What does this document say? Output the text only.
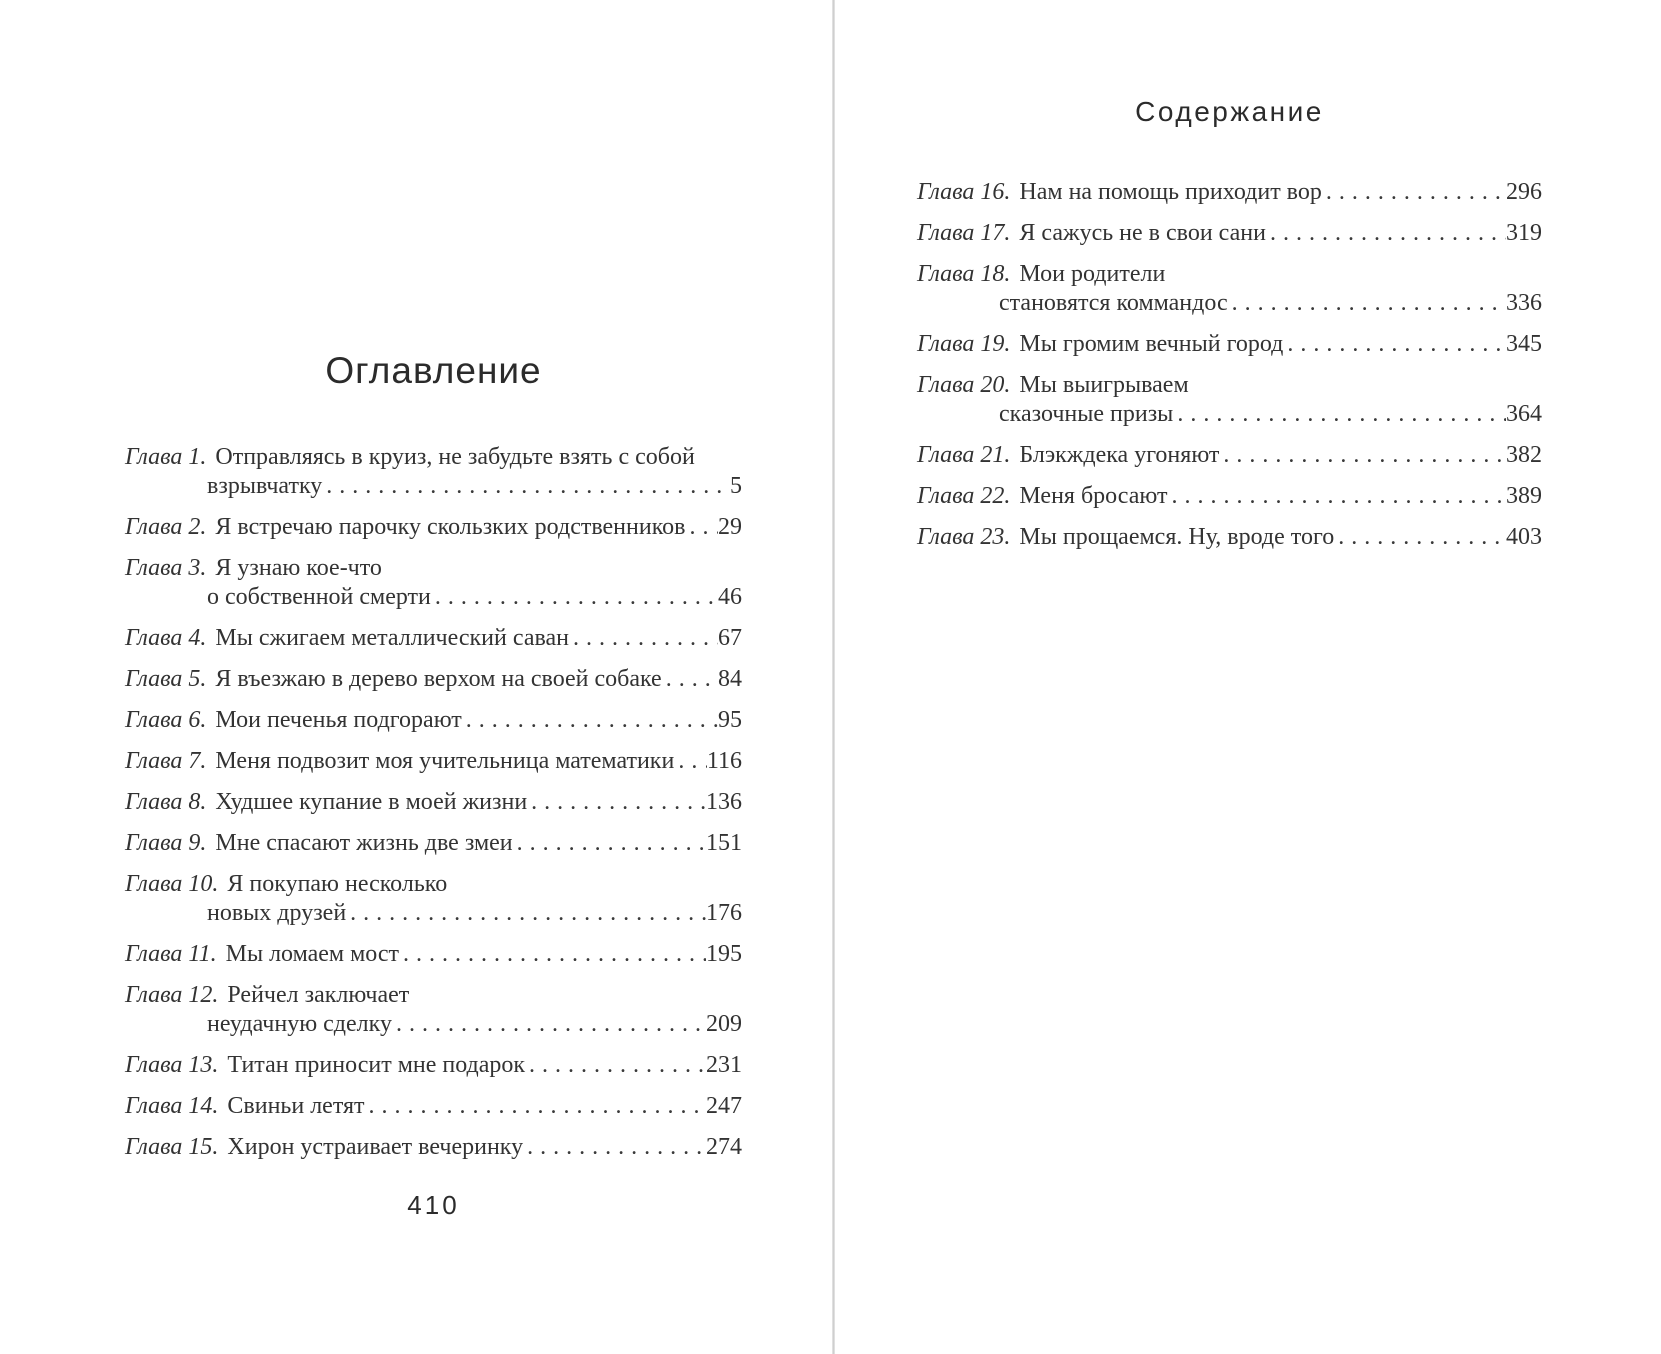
Оглавление
Глава 1. Отправляясь в круиз, не забудьте взять с собой
взрывчатку .....	5
Глава 2. Я встречаю парочку скользких родственников ..... 29
Глава 3. Я узнаю кое-что
о собственной смерти .....	46
Глава 4. Мы сжигаем металлический саван .....	67
Глава 5. Я въезжаю в дерево верхом на своей собаке ..... 84
Глава 6. Мои печенья подгорают .....	95
Глава 7. Меня подвозит моя учительница математики ..... 116
Глава 8. Худшее купание в моей жизни .....	136
Глава 9. Мне спасают жизнь две змеи .....	151
Глава 10. Я покупаю несколько
новых друзей .....	176
Глава 11. Мы ломаем мост .....	195
Глава 12. Рейчел заключает
неудачную сделку .....	209
Глава 13. Титан приносит мне подарок .....	231
Глава 14. Свиньи летят .....	247
Глава 15. Хирон устраивает вечеринку .....	274
410
Содержание
Глава 16. Нам на помощь приходит вор .....	296
Глава 17. Я сажусь не в свои сани .....	319
Глава 18. Мои родители
становятся коммандос .....	336
Глава 19. Мы громим вечный город .....	345
Глава 20. Мы выигрываем
сказочные призы .....	364
Глава 21. Блэкждека угоняют .....	382
Глава 22. Меня бросают .....	389
Глава 23. Мы прощаемся. Ну, вроде того .....	403
